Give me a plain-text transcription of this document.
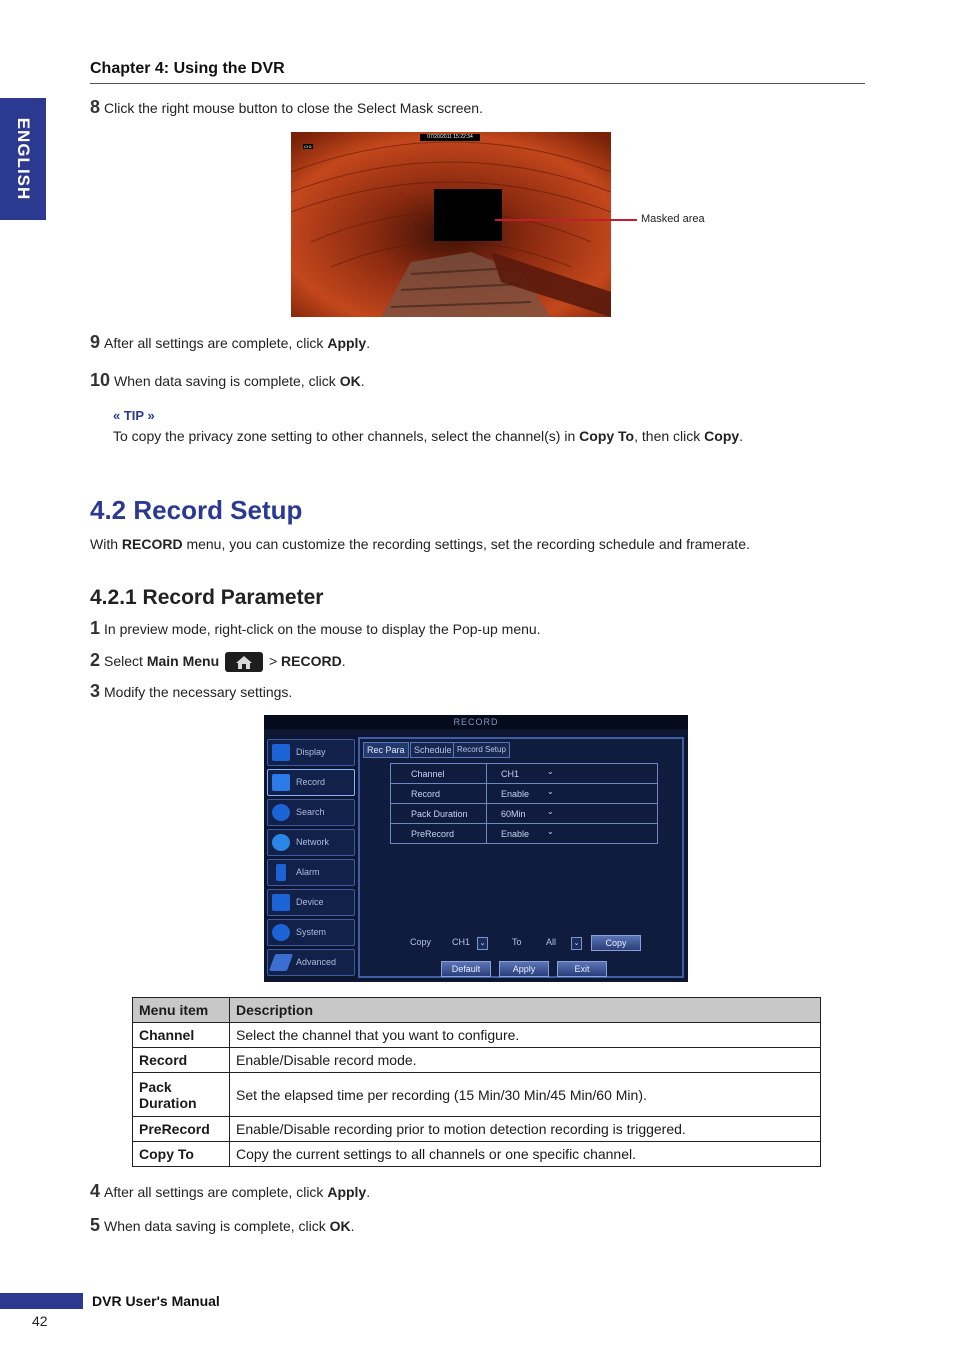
Chapter 4: Using the DVR
ENGLISH
8 Click the right mouse button to close the Select Mask screen.
07/20/2011 15:22:34
CH1
Masked area
9 After all settings are complete, click Apply.
10 When data saving is complete, click OK.
« TIP »
To copy the privacy zone setting to other channels, select the channel(s) in Copy To, then click Copy.
4.2 Record Setup
With RECORD menu, you can customize the recording settings, set the recording schedule and framerate.
4.2.1 Record Parameter
1 In preview mode, right-click on the mouse to display the Pop-up menu.
2 Select Main Menu	> RECORD.
3 Modify the necessary settings.
RECORD
Display
Record
Search
Network
Alarm
Device
System
Advanced
Rec Para	Schedule Record Setup
Channel	CH1	⌄
Record	Enable ⌄
Pack Duration	60Min	⌄
PreRecord	Enable ⌄
Copy CH1	⌄	To	All	⌄	Copy
Default	Apply	Exit
Menu item	Description
Channel	Select the channel that you want to configure.
Record	Enable/Disable record mode.
Pack
Duration	Set the elapsed time per recording (15 Min/30 Min/45 Min/60 Min).
PreRecord	Enable/Disable recording prior to motion detection recording is triggered.
Copy To	Copy the current settings to all channels or one specific channel.
4 After all settings are complete, click Apply.
5 When data saving is complete, click OK.
DVR User's Manual
42
